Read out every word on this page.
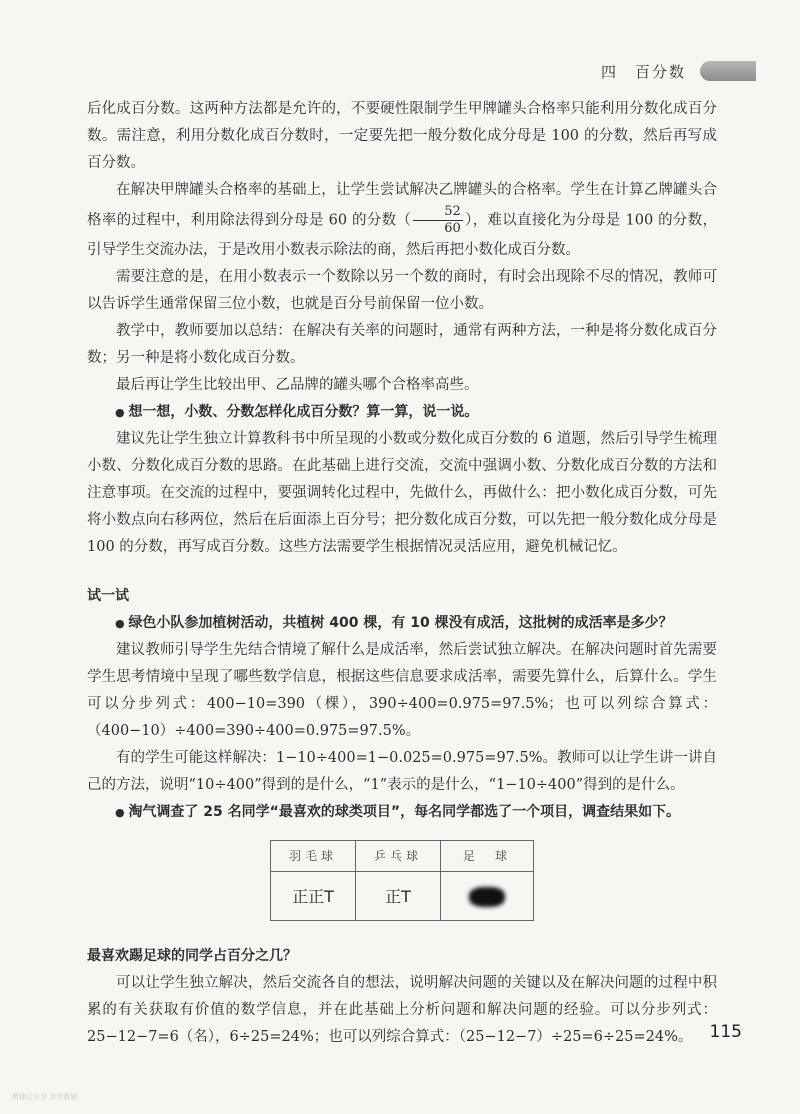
四　百分数

后化成百分数。这两种方法都是允许的，不要硬性限制学生甲牌罐头合格率只能利用分数化成百分数。需注意，利用分数化成百分数时，一定要先把一般分数化成分母是 100 的分数，然后再写成百分数。

在解决甲牌罐头合格率的基础上，让学生尝试解决乙牌罐头的合格率。学生在计算乙牌罐头合格率的过程中，利用除法得到分母是 60 的分数（ $\frac{52}{60}$ ），难以直接化为分母是 100 的分数，引导学生交流办法，于是改用小数表示除法的商，然后再把小数化成百分数。

需要注意的是，在用小数表示一个数除以另一个数的商时，有时会出现除不尽的情况，教师可以告诉学生通常保留三位小数，也就是百分号前保留一位小数。

教学中，教师要加以总结：在解决有关率的问题时，通常有两种方法，一种是将分数化成百分数；另一种是将小数化成百分数。

最后再让学生比较出甲、乙品牌的罐头哪个合格率高些。

● 想一想，小数、分数怎样化成百分数？算一算，说一说。

建议先让学生独立计算教科书中所呈现的小数或分数化成百分数的 6 道题，然后引导学生梳理小数、分数化成百分数的思路。在此基础上进行交流，交流中强调小数、分数化成百分数的方法和注意事项。在交流的过程中，要强调转化过程中，先做什么，再做什么：把小数化成百分数，可先将小数点向右移两位，然后在后面添上百分号；把分数化成百分数，可以先把一般分数化成分母是 100 的分数，再写成百分数。这些方法需要学生根据情况灵活应用，避免机械记忆。

试一试

● 绿色小队参加植树活动，共植树 400 棵，有 10 棵没有成活，这批树的成活率是多少？

建议教师引导学生先结合情境了解什么是成活率，然后尝试独立解决。在解决问题时首先需要学生思考情境中呈现了哪些数学信息，根据这些信息要求成活率，需要先算什么，后算什么。学生可以分步列式：400−10=390（棵），390÷400=0.975=97.5%；也可以列综合算式：（400−10）÷400=390÷400=0.975=97.5%。

有的学生可能这样解决：1−10÷400=1−0.025=0.975=97.5%。教师可以让学生讲一讲自己的方法，说明“10÷400”得到的是什么，“1”表示的是什么，“1−10÷400”得到的是什么。

● 淘气调查了 25 名同学“最喜欢的球类项目”，每名同学都选了一个项目，调查结果如下。

羽毛球	乒乓球	足　球
正正T	正T	

最喜欢踢足球的同学占百分之几？

可以让学生独立解决，然后交流各自的想法，说明解决问题的关键以及在解决问题的过程中积累的有关获取有价值的数学信息，并在此基础上分析问题和解决问题的经验。可以分步列式：25−12−7=6（名），6÷25=24%；也可以列综合算式：（25−12−7）÷25=6÷25=24%。	115
教辅云分享 享受教辅
